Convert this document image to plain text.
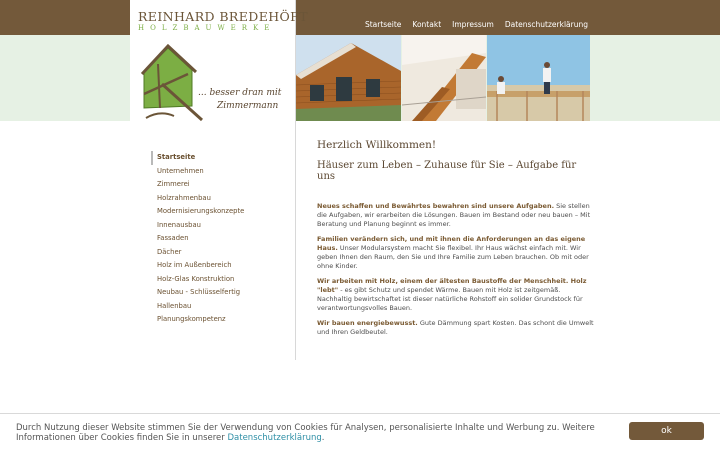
Startseite Kontakt Impressum Datenschutzerklärung
REINHARD BREDEHÖFT
HOLZBAUWERKE
... besser dran mit
Zimmermann
Startseite
Unternehmen
Zimmerei
Holzrahmenbau
Modernisierungskonzepte
Innenausbau
Fassaden
Dächer
Holz im Außenbereich
Holz-Glas Konstruktion
Neubau - Schlüsselfertig
Hallenbau
Planungskompetenz
Herzlich Willkommen!
Häuser zum Leben – Zuhause für Sie – Aufgabe für uns

Neues schaffen und Bewährtes bewahren sind unsere Aufgaben. Sie stellen die Aufgaben, wir erarbeiten die Lösungen. Bauen im Bestand oder neu bauen – Mit Beratung und Planung beginnt es immer.

Familien verändern sich, und mit ihnen die Anforderungen an das eigene Haus. Unser Modularsystem macht Sie flexibel. Ihr Haus wächst einfach mit. Wir geben Ihnen den Raum, den Sie und Ihre Familie zum Leben brauchen. Ob mit oder ohne Kinder.

Wir arbeiten mit Holz, einem der ältesten Baustoffe der Menschheit. Holz "lebt" - es gibt Schutz und spendet Wärme. Bauen mit Holz ist zeitgemäß. Nachhaltig bewirtschaftet ist dieser natürliche Rohstoff ein solider Grundstock für verantwortungsvolles Bauen.

Wir bauen energiebewusst. Gute Dämmung spart Kosten. Das schont die Umwelt und Ihren Geldbeutel.

Durch Nutzung dieser Website stimmen Sie der Verwendung von Cookies für Analysen, personalisierte Inhalte und Werbung zu. Weitere Informationen über Cookies finden Sie in unserer Datenschutzerklärung.
ok
